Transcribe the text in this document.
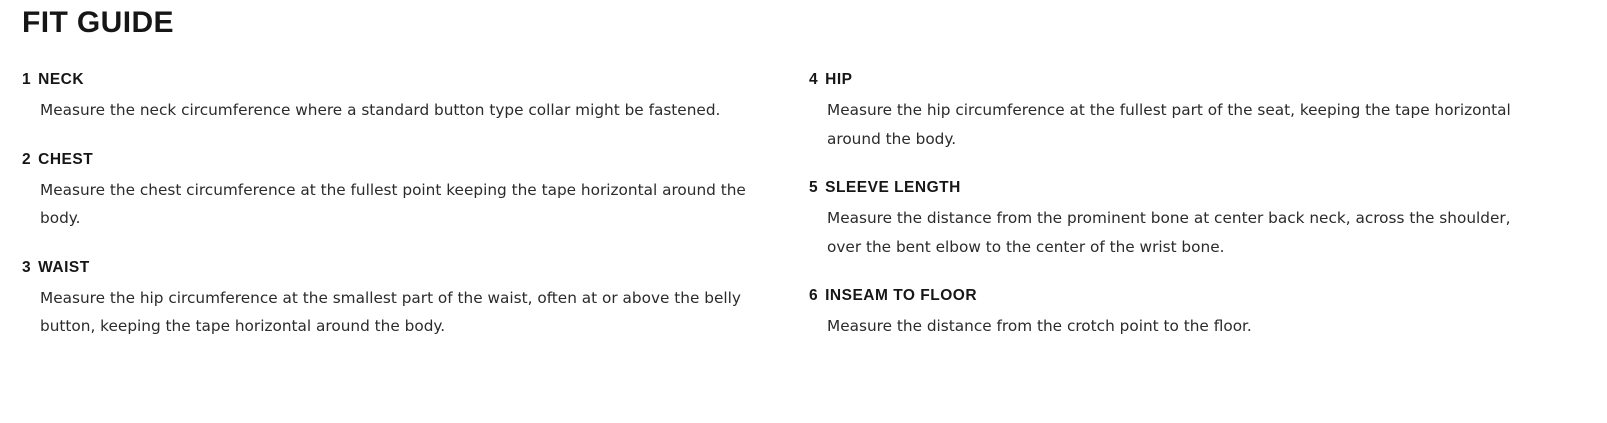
FIT GUIDE
1 NECK
Measure the neck circumference where a standard button type collar might be fastened.
2 CHEST
Measure the chest circumference at the fullest point keeping the tape horizontal around the body.
3 WAIST
Measure the hip circumference at the smallest part of the waist, often at or above the belly button, keeping the tape horizontal around the body.
4 HIP
Measure the hip circumference at the fullest part of the seat, keeping the tape horizontal around the body.
5 SLEEVE LENGTH
Measure the distance from the prominent bone at center back neck, across the shoulder, over the bent elbow to the center of the wrist bone.
6 INSEAM TO FLOOR
Measure the distance from the crotch point to the floor.
